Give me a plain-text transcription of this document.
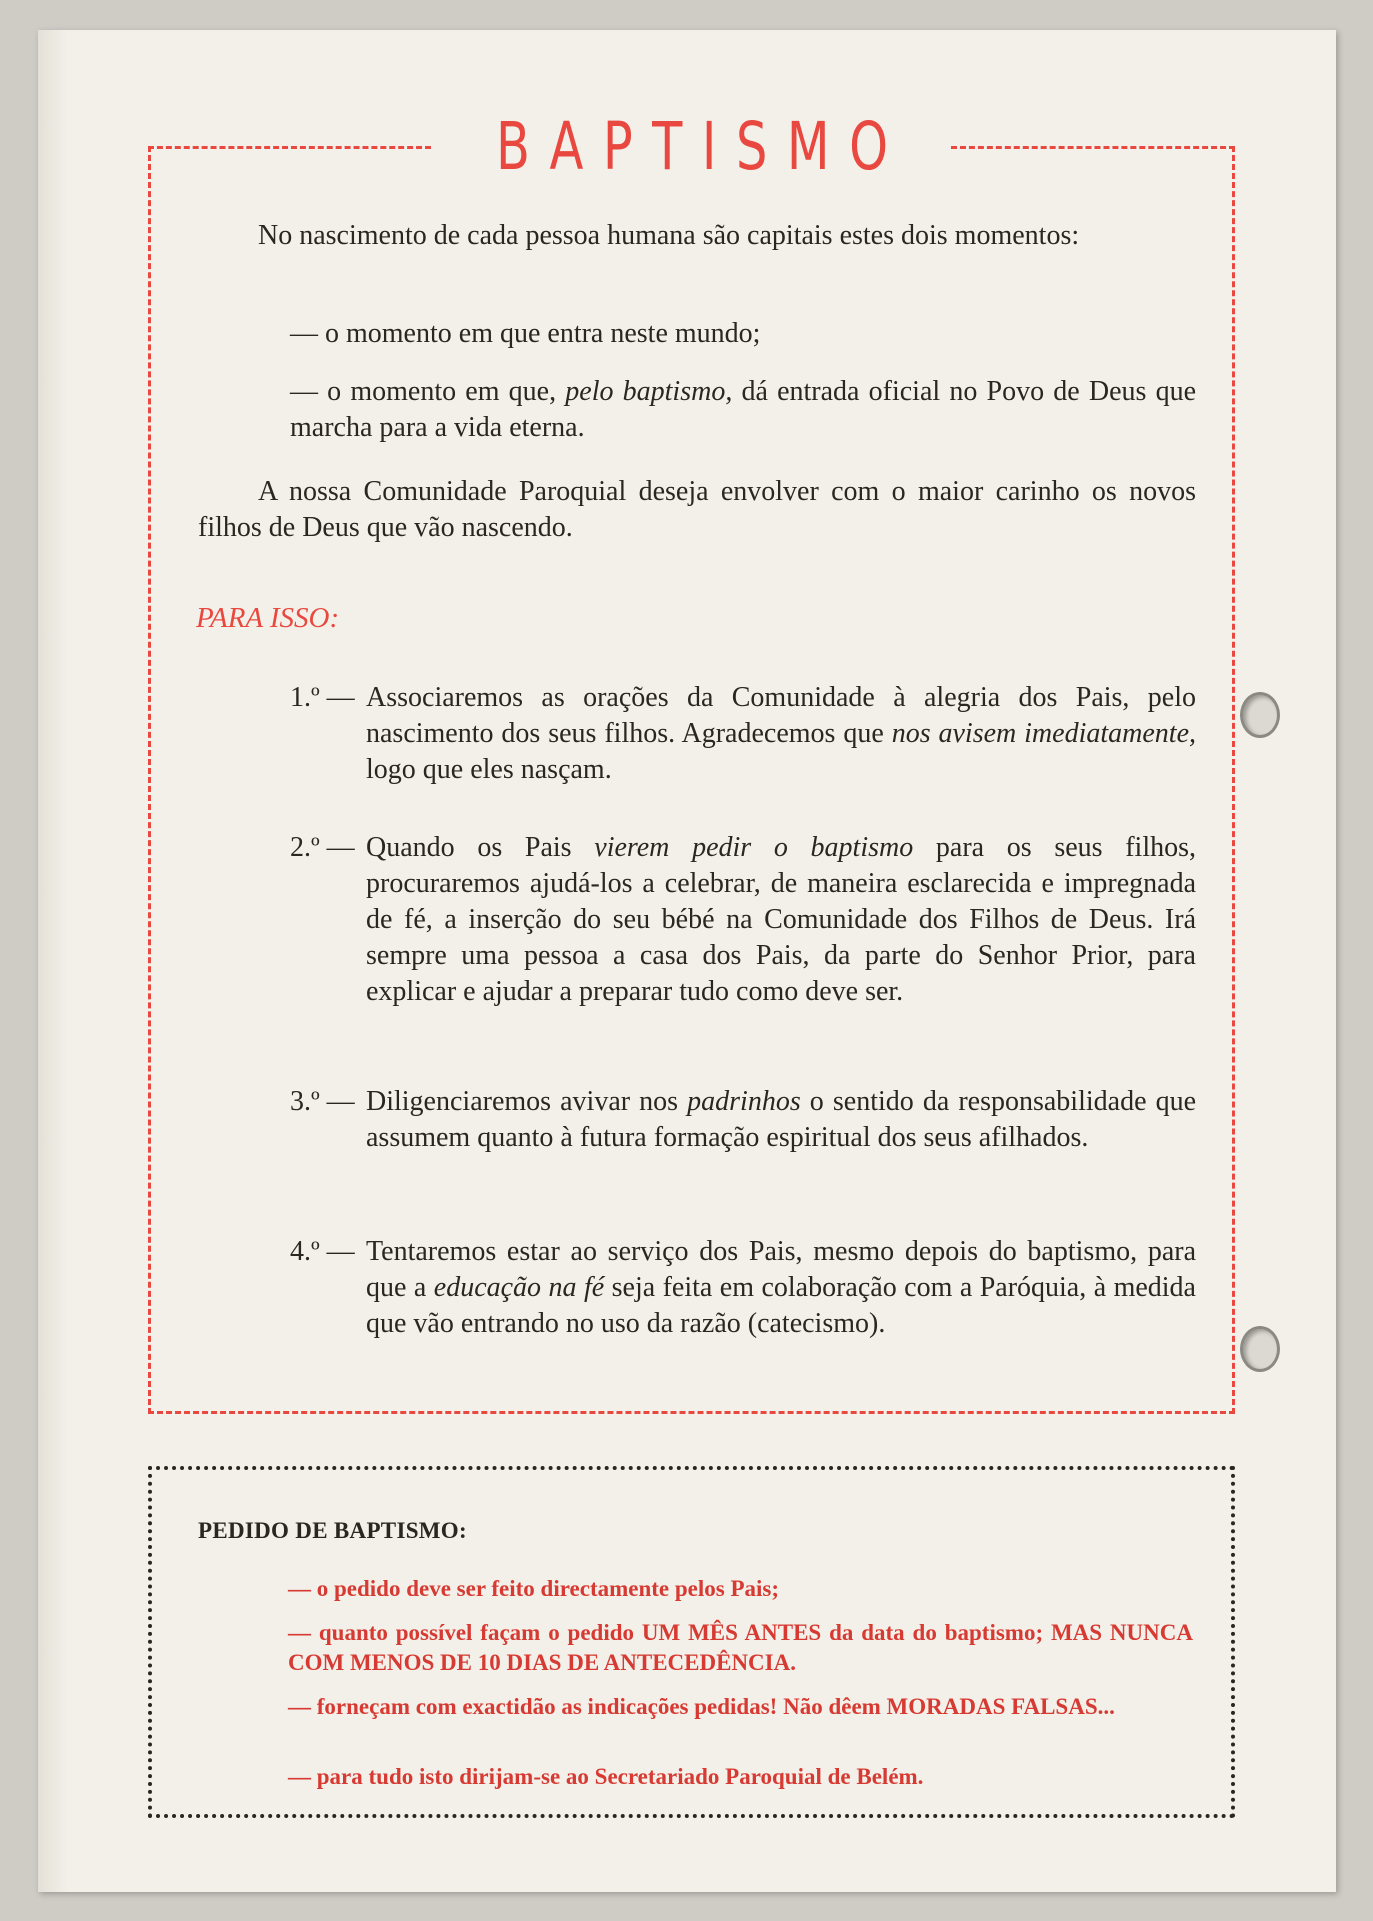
BAPTISMO

No nascimento de cada pessoa humana são capitais estes dois momentos:

— o momento em que entra neste mundo;

— o momento em que, pelo baptismo, dá entrada oficial no Povo de Deus que marcha para a vida eterna.

A nossa Comunidade Paroquial deseja envolver com o maior carinho os novos filhos de Deus que vão nascendo.

PARA ISSO:
1.º — Associaremos as orações da Comunidade à alegria dos Pais, pelo nascimento dos seus filhos. Agradecemos que nos avisem imediatamente, logo que eles nasçam.
2.º — Quando os Pais vierem pedir o baptismo para os seus filhos, procuraremos ajudá-los a celebrar, de maneira esclarecida e impregnada de fé, a inserção do seu bébé na Comunidade dos Filhos de Deus. Irá sempre uma pessoa a casa dos Pais, da parte do Senhor Prior, para explicar e ajudar a preparar tudo como deve ser.
3.º — Diligenciaremos avivar nos padrinhos o sentido da responsabilidade que assumem quanto à futura formação espiritual dos seus afilhados.
4.º — Tentaremos estar ao serviço dos Pais, mesmo depois do baptismo, para que a educação na fé seja feita em colaboração com a Paróquia, à medida que vão entrando no uso da razão (catecismo).
PEDIDO DE BAPTISMO:
— o pedido deve ser feito directamente pelos Pais;
— quanto possível façam o pedido UM MÊS ANTES da data do baptismo; MAS NUNCA COM MENOS DE 10 DIAS DE ANTECEDÊNCIA.
— forneçam com exactidão as indicações pedidas! Não dêem MORADAS FALSAS...
— para tudo isto dirijam-se ao Secretariado Paroquial de Belém.
